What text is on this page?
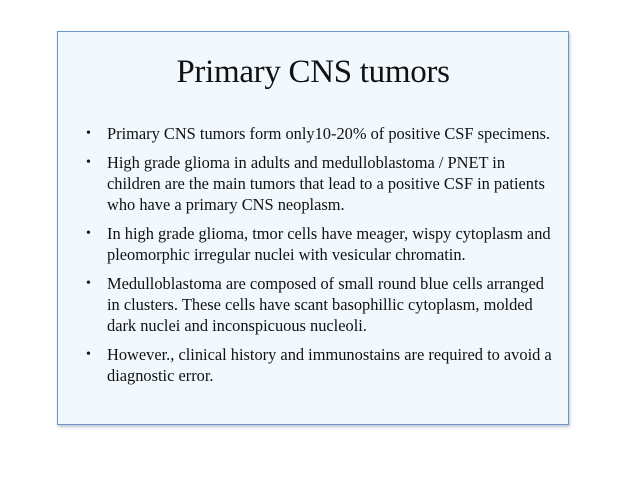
Primary CNS tumors
• Primary CNS tumors form only10-20% of positive CSF specimens.
• High grade glioma in adults and medulloblastoma / PNET in children are the main tumors that lead to a positive CSF in patients who have a primary CNS neoplasm.
• In high grade glioma, tmor cells have meager, wispy cytoplasm and pleomorphic irregular nuclei with vesicular chromatin.
• Medulloblastoma are composed of small round blue cells arranged in clusters. These cells have scant basophillic cytoplasm, molded dark nuclei and inconspicuous nucleoli.
• However., clinical history and immunostains are required to avoid a diagnostic error.
